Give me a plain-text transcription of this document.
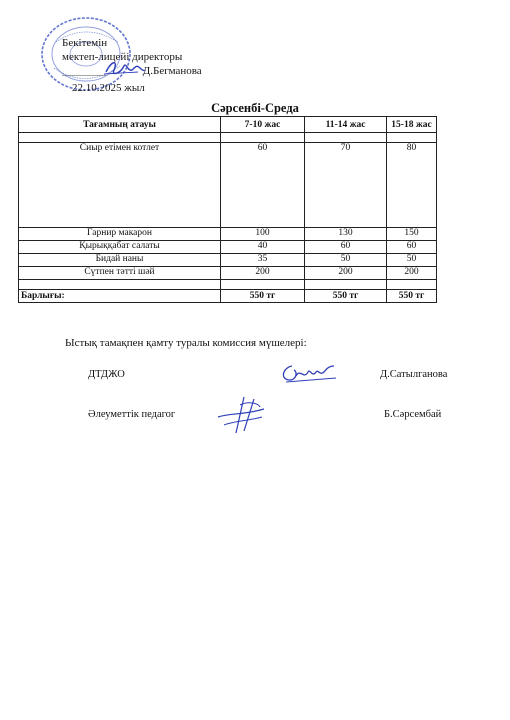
Бекітемін
мектеп-лицейі директоры
________	Д.Бегманова
22.10.2025 жыл
Сәрсенбі-Среда
Тағамның атауы	7-10 жас	11-14 жас	15-18 жас

Сиыр етімен котлет	60	70	80
Гарнир макарон	100	130	150
Қырыққабат салаты	40	60	60
Бидай наны	35	50	50
Сүтпен тәтті шәй	200	200	200

Барлығы:	550 тг	550 тг	550 тг
Ыстық тамақпен қамту туралы комиссия мүшелері:
ДТДЖО	Д.Сатылганова
Әлеуметтік педагог	Б.Сәрсембай
